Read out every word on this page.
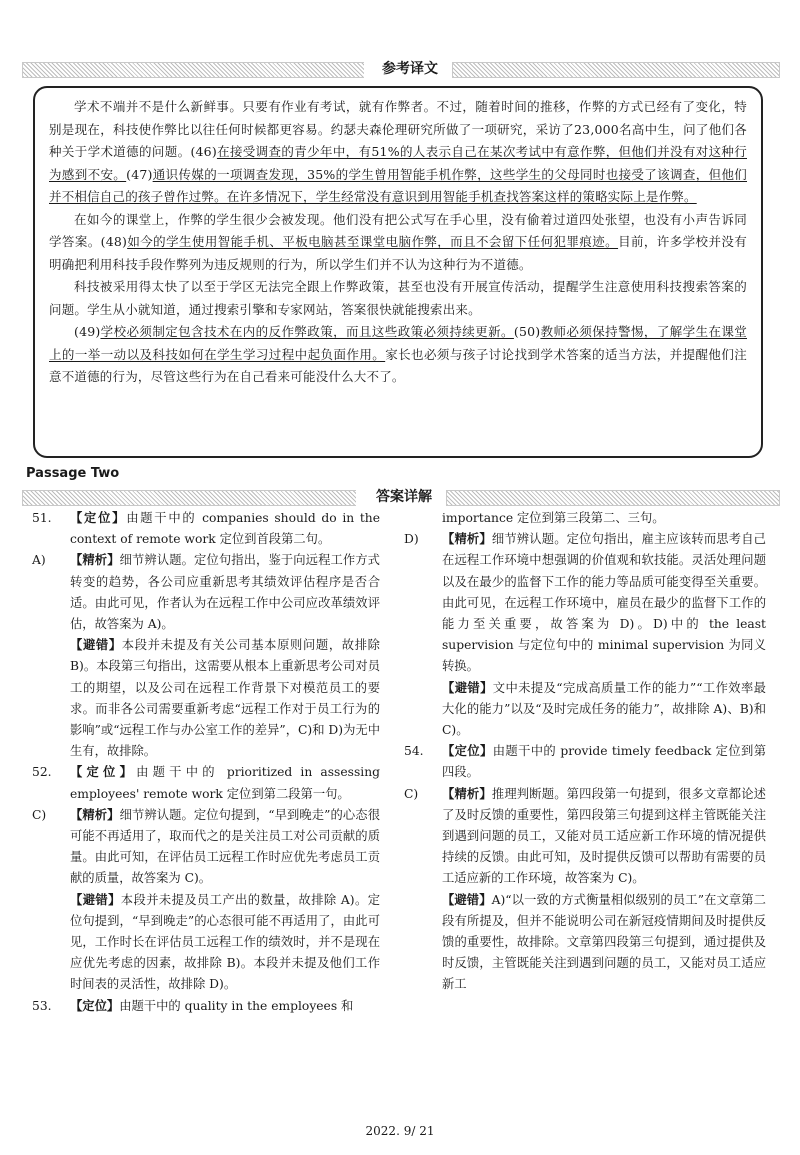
参考译文

学术不端并不是什么新鲜事。只要有作业有考试，就有作弊者。不过，随着时间的推移，作弊的方式已经有了变化，特别是现在，科技使作弊比以往任何时候都更容易。约瑟夫森伦理研究所做了一项研究，采访了23,000名高中生，问了他们各种关于学术道德的问题。(46)在接受调查的青少年中，有51%的人表示自己在某次考试中有意作弊，但他们并没有对这种行为感到不安。(47)通识传媒的一项调查发现，35%的学生曾用智能手机作弊，这些学生的父母同时也接受了该调查，但他们并不相信自己的孩子曾作过弊。在许多情况下，学生经常没有意识到用智能手机查找答案这样的策略实际上是作弊。

在如今的课堂上，作弊的学生很少会被发现。他们没有把公式写在手心里，没有偷着过道四处张望，也没有小声告诉同学答案。(48)如今的学生使用智能手机、平板电脑甚至课堂电脑作弊，而且不会留下任何犯罪痕迹。目前，许多学校并没有明确把利用科技手段作弊列为违反规则的行为，所以学生们并不认为这种行为不道德。

科技被采用得太快了以至于学区无法完全跟上作弊政策，甚至也没有开展宣传活动，提醒学生注意使用科技搜索答案的问题。学生从小就知道，通过搜索引擎和专家网站，答案很快就能搜索出来。

(49)学校必须制定包含技术在内的反作弊政策，而且这些政策必须持续更新。(50)教师必须保持警惕，了解学生在课堂上的一举一动以及科技如何在学生学习过程中起负面作用。家长也必须与孩子讨论找到学术答案的适当方法，并提醒他们注意不道德的行为，尽管这些行为在自己看来可能没什么大不了。

Passage Two
答案详解
51. 【定位】由题干中的 companies should do in the context of remote work 定位到首段第二句。
A) 【精析】细节辨认题。定位句指出，鉴于向远程工作方式转变的趋势，各公司应重新思考其绩效评估程序是否合适。由此可见，作者认为在远程工作中公司应改革绩效评估，故答案为 A)。
【避错】本段并未提及有关公司基本原则问题，故排除 B)。本段第三句指出，这需要从根本上重新思考公司对员工的期望，以及公司在远程工作背景下对模范员工的要求。而非各公司需要重新考虑“远程工作对于员工行为的影响”或“远程工作与办公室工作的差异”，C)和 D)为无中生有，故排除。
52. 【定位】由题干中的 prioritized in assessing employees' remote work 定位到第二段第一句。
C) 【精析】细节辨认题。定位句提到，“早到晚走”的心态很可能不再适用了，取而代之的是关注员工对公司贡献的质量。由此可知，在评估员工远程工作时应优先考虑员工贡献的质量，故答案为 C)。
【避错】本段并未提及员工产出的数量，故排除 A)。定位句提到，“早到晚走”的心态很可能不再适用了，由此可见，工作时长在评估员工远程工作的绩效时，并不是现在应优先考虑的因素，故排除 B)。本段并未提及他们工作时间表的灵活性，故排除 D)。
53. 【定位】由题干中的 quality in the employees 和
importance 定位到第三段第二、三句。
D) 【精析】细节辨认题。定位句指出，雇主应该转而思考自己在远程工作环境中想强调的价值观和软技能。灵活处理问题以及在最少的监督下工作的能力等品质可能变得至关重要。由此可见，在远程工作环境中，雇员在最少的监督下工作的能力至关重要，故答案为 D)。D)中的 the least supervision 与定位句中的 minimal supervision 为同义转换。
【避错】文中未提及“完成高质量工作的能力”“工作效率最大化的能力”以及“及时完成任务的能力”，故排除 A)、B)和 C)。
54. 【定位】由题干中的 provide timely feedback 定位到第四段。
C) 【精析】推理判断题。第四段第一句提到，很多文章都论述了及时反馈的重要性，第四段第三句提到这样主管既能关注到遇到问题的员工，又能对员工适应新工作环境的情况提供持续的反馈。由此可知，及时提供反馈可以帮助有需要的员工适应新的工作环境，故答案为 C)。
【避错】A)“以一致的方式衡量相似级别的员工”在文章第二段有所提及，但并不能说明公司在新冠疫情期间及时提供反馈的重要性，故排除。文章第四段第三句提到，通过提供及时反馈，主管既能关注到遇到问题的员工，又能对员工适应新工
2022. 9/ 21
